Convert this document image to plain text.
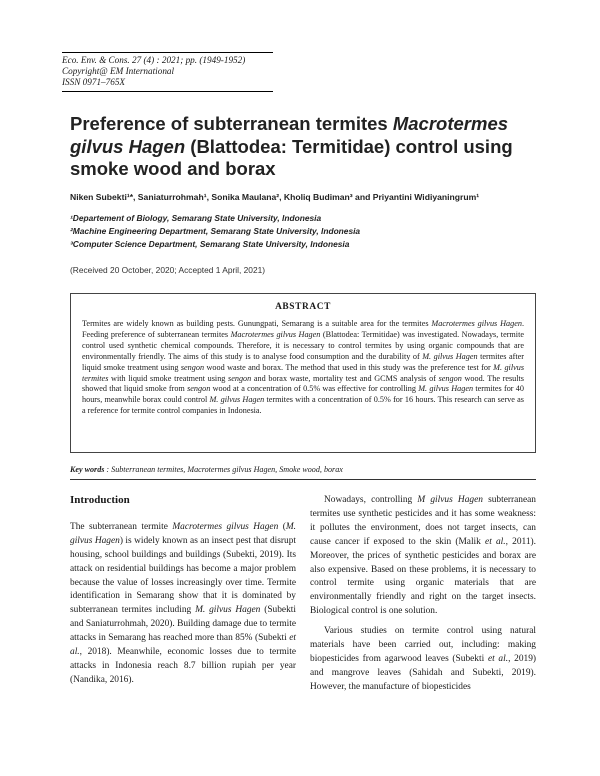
Eco. Env. & Cons. 27 (4) : 2021; pp. (1949-1952)
Copyright@ EM International
ISSN 0971–765X
Preference of subterranean termites Macrotermes gilvus Hagen (Blattodea: Termitidae) control using smoke wood and borax
Niken Subekti¹*, Saniaturrohmah¹, Sonika Maulana², Kholiq Budiman³ and Priyantini Widiyaningrum¹
¹Departement of Biology, Semarang State University, Indonesia
²Machine Engineering Department, Semarang State University, Indonesia
³Computer Science Department, Semarang State University, Indonesia
(Received 20 October, 2020; Accepted 1 April, 2021)
ABSTRACT
Termites are widely known as building pests. Gunungpati, Semarang is a suitable area for the termites Macrotermes gilvus Hagen. Feeding preference of subterranean termites Macrotermes gilvus Hagen (Blattodea: Termitidae) was investigated. Nowadays, termite control used synthetic chemical compounds. Therefore, it is necessary to control termites by using organic compounds that are environmentally friendly. The aims of this study is to analyse food consumption and the durability of M. gilvus Hagen termites after liquid smoke treatment using sengon wood waste and borax. The method that used in this study was the preference test for M. gilvus termites with liquid smoke treatment using sengon and borax waste, mortality test and GCMS analysis of sengon wood. The results showed that liquid smoke from sengon wood at a concentration of 0.5% was effective for controlling M. gilvus Hagen termites for 40 hours, meanwhile borax could control M. gilvus Hagen termites with a concentration of 0.5% for 16 hours. This research can serve as a reference for termite control companies in Indonesia.
Key words : Subterranean termites, Macrotermes gilvus Hagen, Smoke wood, borax
Introduction

The subterranean termite Macrotermes gilvus Hagen (M. gilvus Hagen) is widely known as an insect pest that disrupt housing, school buildings and buildings (Subekti, 2019). Its attack on residential buildings has become a major problem because the value of losses increasingly over time. Termite identification in Semarang show that it is dominated by subterranean termites including M. gilvus Hagen (Subekti and Saniaturrohmah, 2020). Building damage due to termite attacks in Semarang has reached more than 85% (Subekti et al., 2018). Meanwhile, economic losses due to termite attacks in Indonesia reach 8.7 billion rupiah per year (Nandika, 2016).

Nowadays, controlling M gilvus Hagen subterranean termites use synthetic pesticides and it has some weakness: it pollutes the environment, does not target insects, can cause cancer if exposed to the skin (Malik et al., 2011). Moreover, the prices of synthetic pesticides and borax are also expensive. Based on these problems, it is necessary to control termite using organic materials that are environmentally friendly and right on the target insects. Biological control is one solution.

Various studies on termite control using natural materials have been carried out, including: making biopesticides from agarwood leaves (Subekti et al., 2019) and mangrove leaves (Sahidah and Subekti, 2019). However, the manufacture of biopesticides
